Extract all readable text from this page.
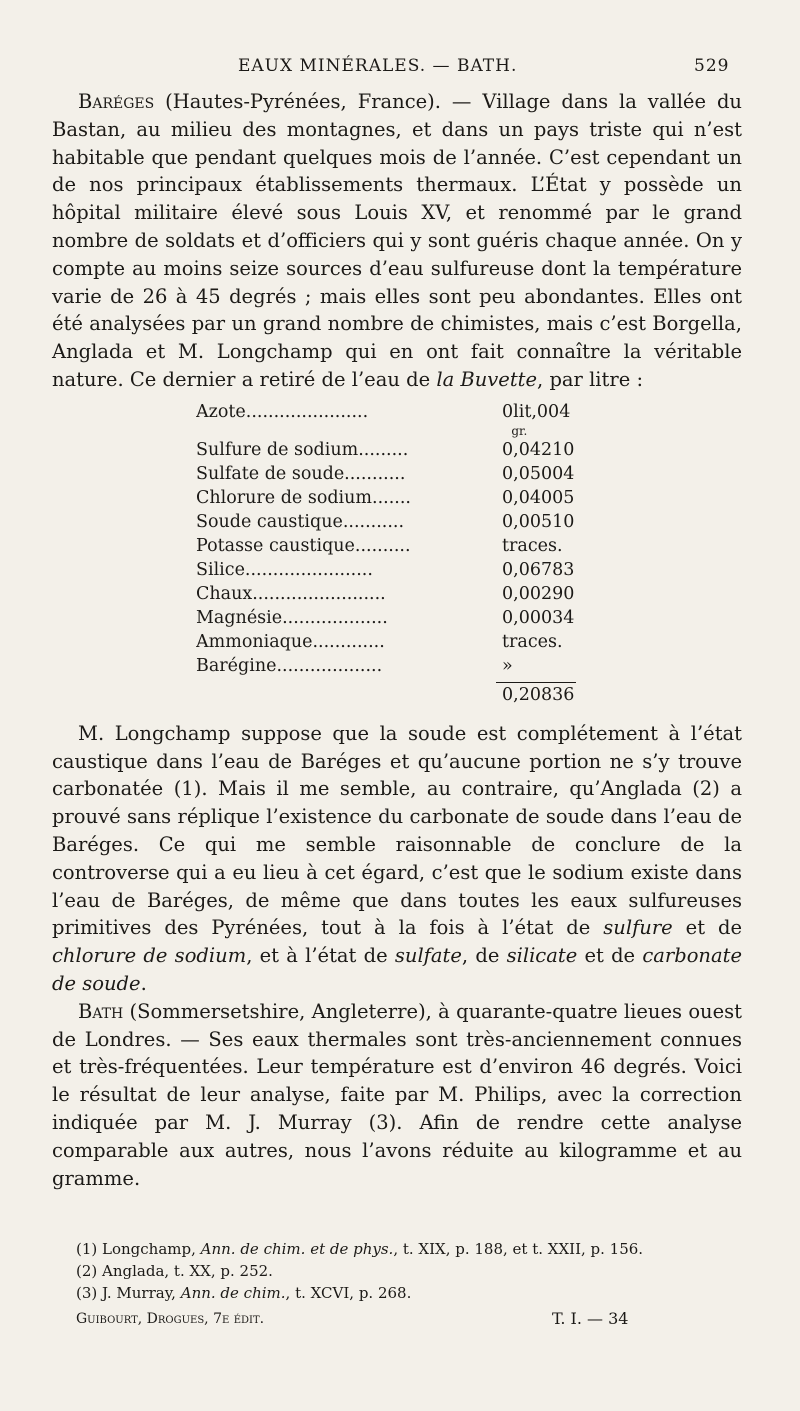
EAUX MINÉRALES. — BATH.	529

Baréges (Hautes-Pyrénées, France). — Village dans la vallée du Bastan, au milieu des montagnes, et dans un pays triste qui n’est habitable que pendant quelques mois de l’année. C’est cependant un de nos principaux établissements thermaux. L’État y possède un hôpital militaire élevé sous Louis XV, et renommé par le grand nombre de soldats et d’officiers qui y sont guéris chaque année. On y compte au moins seize sources d’eau sulfureuse dont la température varie de 26 à 45 degrés ; mais elles sont peu abondantes. Elles ont été analysées par un grand nombre de chimistes, mais c’est Borgella, Anglada et M. Longchamp qui en ont fait connaître la véritable nature. Ce dernier a retiré de l’eau de la Buvette, par litre :

Azote......................	0lit,004
gr.
Sulfure de sodium.........	0,04210
Sulfate de soude...........	0,05004
Chlorure de sodium.......	0,04005
Soude caustique...........	0,00510
Potasse caustique..........	traces.
Silice.......................	0,06783
Chaux........................	0,00290
Magnésie...................	0,00034
Ammoniaque.............	traces.
Barégine...................	»
0,20836

M. Longchamp suppose que la soude est complétement à l’état caustique dans l’eau de Baréges et qu’aucune portion ne s’y trouve carbonatée (1). Mais il me semble, au contraire, qu’Anglada (2) a prouvé sans réplique l’existence du carbonate de soude dans l’eau de Baréges. Ce qui me semble raisonnable de conclure de la controverse qui a eu lieu à cet égard, c’est que le sodium existe dans l’eau de Baréges, de même que dans toutes les eaux sulfureuses primitives des Pyrénées, tout à la fois à l’état de sulfure et de chlorure de sodium, et à l’état de sulfate, de silicate et de carbonate de soude.

Bath (Sommersetshire, Angleterre), à quarante-quatre lieues ouest de Londres. — Ses eaux thermales sont très-anciennement connues et très-fréquentées. Leur température est d’environ 46 degrés. Voici le résultat de leur analyse, faite par M. Philips, avec la correction indiquée par M. J. Murray (3). Afin de rendre cette analyse comparable aux autres, nous l’avons réduite au kilogramme et au gramme.

(1) Longchamp, Ann. de chim. et de phys., t. XIX, p. 188, et t. XXII, p. 156.
(2) Anglada, t. XX, p. 252.
(3) J. Murray, Ann. de chim., t. XCVI, p. 268.
Guibourt, Drogues, 7e édit.	T. I. — 34
